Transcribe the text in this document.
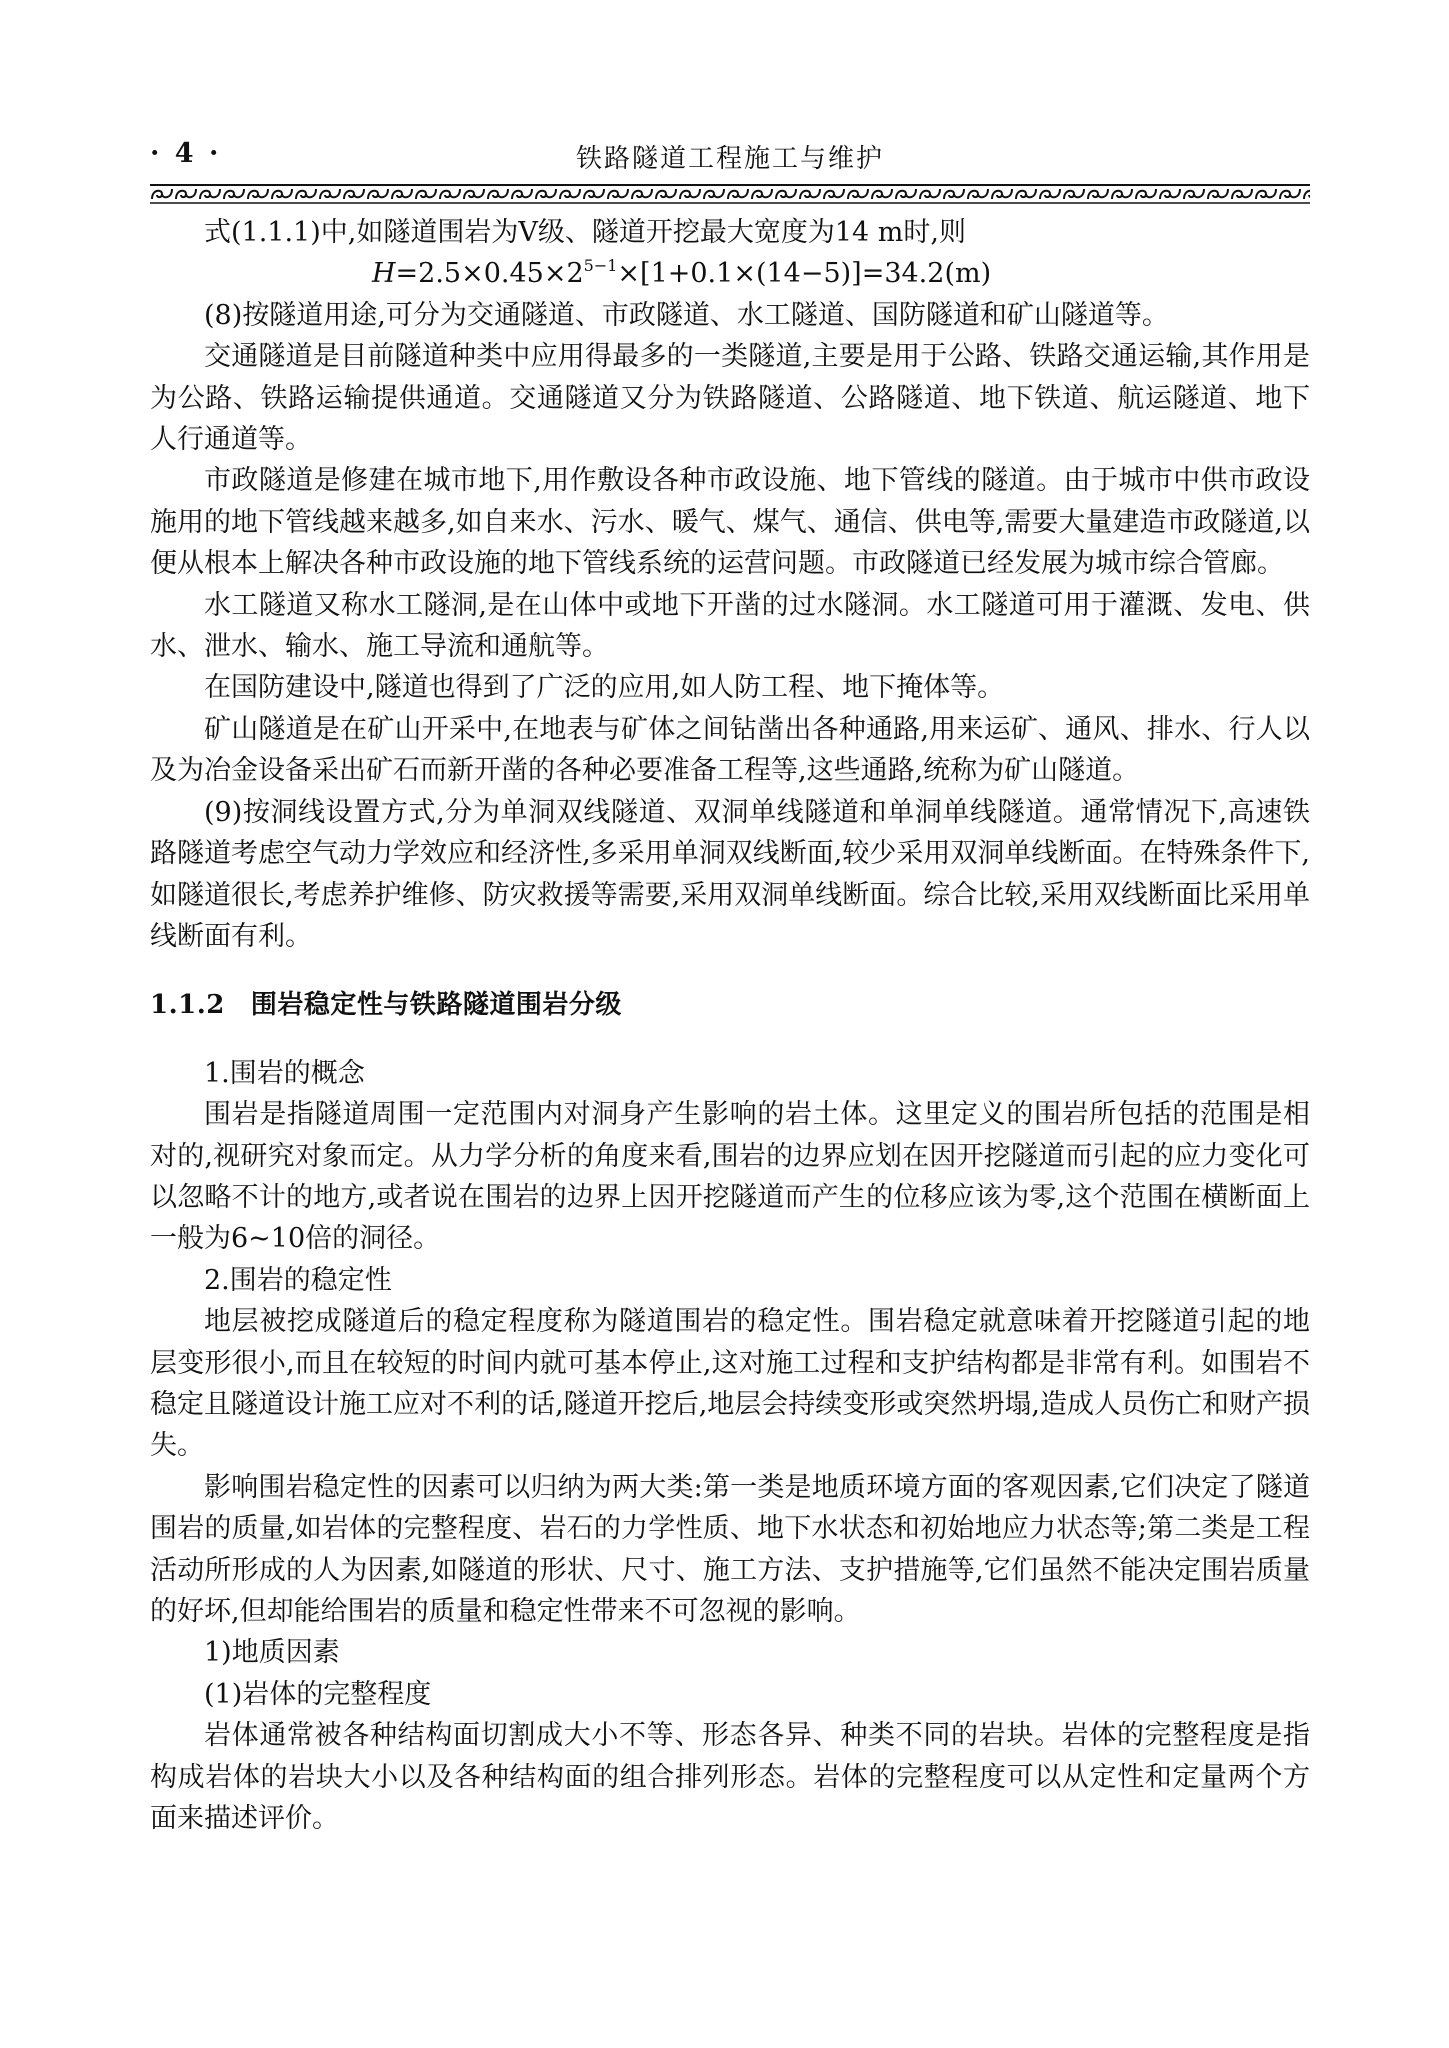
· 4 ·	铁路隧道工程施工与维护

式(1.1.1)中,如隧道围岩为Ⅴ级、隧道开挖最大宽度为14 m时,则

$H=2.5\times 0.45\times 2^{5-1}\times[1+0.1\times(14-5)]=34.2(m)$

(8)按隧道用途,可分为交通隧道、市政隧道、水工隧道、国防隧道和矿山隧道等。

交通隧道是目前隧道种类中应用得最多的一类隧道,主要是用于公路、铁路交通运输,其作用是为公路、铁路运输提供通道。交通隧道又分为铁路隧道、公路隧道、地下铁道、航运隧道、地下人行通道等。

市政隧道是修建在城市地下,用作敷设各种市政设施、地下管线的隧道。由于城市中供市政设施用的地下管线越来越多,如自来水、污水、暖气、煤气、通信、供电等,需要大量建造市政隧道,以便从根本上解决各种市政设施的地下管线系统的运营问题。市政隧道已经发展为城市综合管廊。

水工隧道又称水工隧洞,是在山体中或地下开凿的过水隧洞。水工隧道可用于灌溉、发电、供水、泄水、输水、施工导流和通航等。

在国防建设中,隧道也得到了广泛的应用,如人防工程、地下掩体等。

矿山隧道是在矿山开采中,在地表与矿体之间钻凿出各种通路,用来运矿、通风、排水、行人以及为冶金设备采出矿石而新开凿的各种必要准备工程等,这些通路,统称为矿山隧道。

(9)按洞线设置方式,分为单洞双线隧道、双洞单线隧道和单洞单线隧道。通常情况下,高速铁路隧道考虑空气动力学效应和经济性,多采用单洞双线断面,较少采用双洞单线断面。在特殊条件下,如隧道很长,考虑养护维修、防灾救援等需要,采用双洞单线断面。综合比较,采用双线断面比采用单线断面有利。

1.1.2 围岩稳定性与铁路隧道围岩分级

1.围岩的概念

围岩是指隧道周围一定范围内对洞身产生影响的岩土体。这里定义的围岩所包括的范围是相对的,视研究对象而定。从力学分析的角度来看,围岩的边界应划在因开挖隧道而引起的应力变化可以忽略不计的地方,或者说在围岩的边界上因开挖隧道而产生的位移应该为零,这个范围在横断面上一般为6~10倍的洞径。

2.围岩的稳定性

地层被挖成隧道后的稳定程度称为隧道围岩的稳定性。围岩稳定就意味着开挖隧道引起的地层变形很小,而且在较短的时间内就可基本停止,这对施工过程和支护结构都是非常有利。如围岩不稳定且隧道设计施工应对不利的话,隧道开挖后,地层会持续变形或突然坍塌,造成人员伤亡和财产损失。

影响围岩稳定性的因素可以归纳为两大类:第一类是地质环境方面的客观因素,它们决定了隧道围岩的质量,如岩体的完整程度、岩石的力学性质、地下水状态和初始地应力状态等;第二类是工程活动所形成的人为因素,如隧道的形状、尺寸、施工方法、支护措施等,它们虽然不能决定围岩质量的好坏,但却能给围岩的质量和稳定性带来不可忽视的影响。

1)地质因素

(1)岩体的完整程度

岩体通常被各种结构面切割成大小不等、形态各异、种类不同的岩块。岩体的完整程度是指构成岩体的岩块大小以及各种结构面的组合排列形态。岩体的完整程度可以从定性和定量两个方面来描述评价。
